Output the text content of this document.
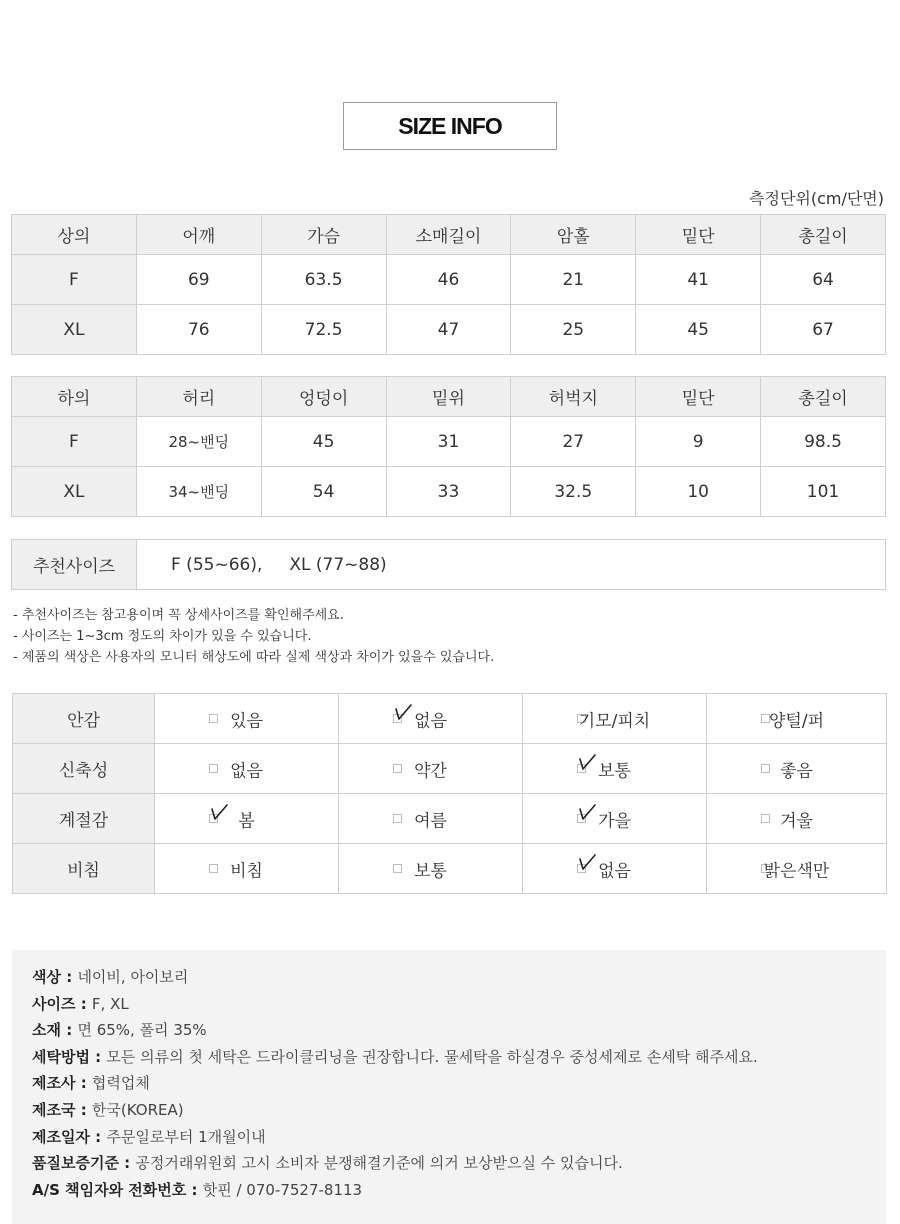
SIZE INFO
측정단위(cm/단면)
상의	어깨	가슴	소매길이	암홀	밑단	총길이
F	69	63.5	46	21	41	64
XL	76	72.5	47	25	45	67
하의	허리	엉덩이	밑위	허벅지	밑단	총길이
F	28~밴딩	45	31	27	9	98.5
XL	34~밴딩	54	33	32.5	10	101
추천사이즈	F (55~66),     XL (77~88)
- 추천사이즈는 참고용이며 꼭 상세사이즈를 확인해주세요.
- 사이즈는 1~3cm 정도의 차이가 있을 수 있습니다.
- 제품의 색상은 사용자의 모니터 해상도에 따라 실제 색상과 차이가 있을수 있습니다.
안감	있음	없음	기모/피치	양털/퍼

신축성	없음	약간	보통	좋음

계절감	봄	여름	가을	겨울

비침	비침	보통	없음	밝은색만
색상 : 네이비, 아이보리
사이즈 : F, XL
소재 : 면 65%, 폴리 35%
세탁방법 : 모든 의류의 첫 세탁은 드라이클리닝을 권장합니다. 물세탁을 하실경우 중성세제로 손세탁 해주세요.
제조사 : 협력업체
제조국 : 한국(KOREA)
제조일자 : 주문일로부터 1개월이내
품질보증기준 : 공정거래위원회 고시 소비자 분쟁해결기준에 의거 보상받으실 수 있습니다.
A/S 책임자와 전화번호 : 핫핀 / 070-7527-8113
